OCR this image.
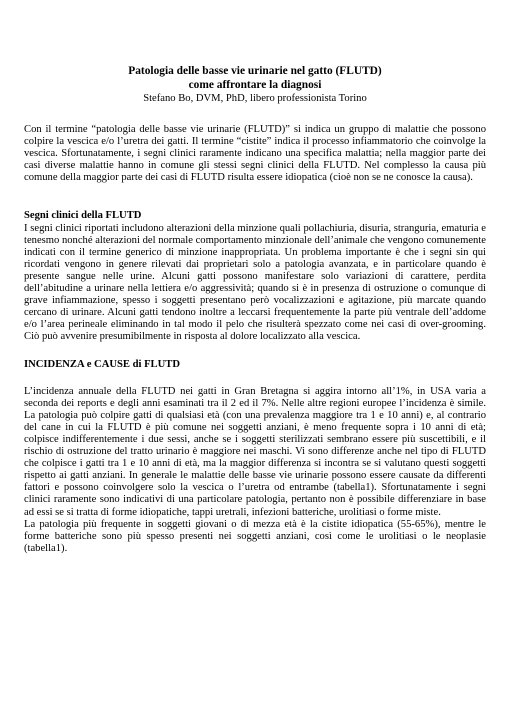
Patologia delle basse vie urinarie nel gatto (FLUTD)
come affrontare la diagnosi
Stefano Bo, DVM, PhD, libero professionista Torino

Con il termine “patologia delle basse vie urinarie (FLUTD)” si indica un gruppo di malattie che possono colpire la vescica e/o l’uretra dei gatti. Il termine “cistite” indica il processo infiammatorio che coinvolge la vescica. Sfortunatamente, i segni clinici raramente indicano una specifica malattia; nella maggior parte dei casi diverse malattie hanno in comune gli stessi segni clinici della FLUTD. Nel complesso la causa più comune della maggior parte dei casi di FLUTD risulta essere idiopatica (cioè non se ne conosce la causa).

Segni clinici della FLUTD

I segni clinici riportati includono alterazioni della minzione quali pollachiuria, disuria, stranguria, ematuria e tenesmo nonché alterazioni del normale comportamento minzionale dell’animale che vengono comunemente indicati con il termine generico di minzione inappropriata. Un problema importante è che i segni sin qui ricordati vengono in genere rilevati dai proprietari solo a patologia avanzata, e in particolare quando è presente sangue nelle urine. Alcuni gatti possono manifestare solo variazioni di carattere, perdita dell’abitudine a urinare nella lettiera e/o aggressività; quando si è in presenza di ostruzione o comunque di grave infiammazione, spesso i soggetti presentano però vocalizzazioni e agitazione, più marcate quando cercano di urinare. Alcuni gatti tendono inoltre a leccarsi frequentemente la parte più ventrale dell’addome e/o l’area perineale eliminando in tal modo il pelo che risulterà spezzato come nei casi di over-grooming. Ciò può avvenire presumibilmente in risposta al dolore localizzato alla vescica.

INCIDENZA e CAUSE di FLUTD

L’incidenza annuale della FLUTD nei gatti in Gran Bretagna si aggira intorno all’1%, in USA varia a seconda dei reports e degli anni esaminati tra il 2 ed il 7%. Nelle altre regioni europee l’incidenza è simile. La patologia può colpire gatti di qualsiasi età (con una prevalenza maggiore tra 1 e 10 anni) e, al contrario del cane in cui la FLUTD è più comune nei soggetti anziani, è meno frequente sopra i 10 anni di età; colpisce indifferentemente i due sessi, anche se i soggetti sterilizzati sembrano essere più suscettibili, e il rischio di ostruzione del tratto urinario è maggiore nei maschi. Vi sono differenze anche nel tipo di FLUTD che colpisce i gatti tra 1 e 10 anni di età, ma la maggior differenza si incontra se si valutano questi soggetti rispetto ai gatti anziani. In generale le malattie delle basse vie urinarie possono essere causate da differenti fattori e possono coinvolgere solo la vescica o l’uretra od entrambe (tabella1). Sfortunatamente i segni clinici raramente sono indicativi di una particolare patologia, pertanto non è possibile differenziare in base ad essi se si tratta di forme idiopatiche, tappi uretrali, infezioni batteriche, urolitiasi o forme miste.

La patologia più frequente in soggetti giovani o di mezza età è la cistite idiopatica (55-65%), mentre le forme batteriche sono più spesso presenti nei soggetti anziani, così come le urolitiasi o le neoplasie (tabella1).
